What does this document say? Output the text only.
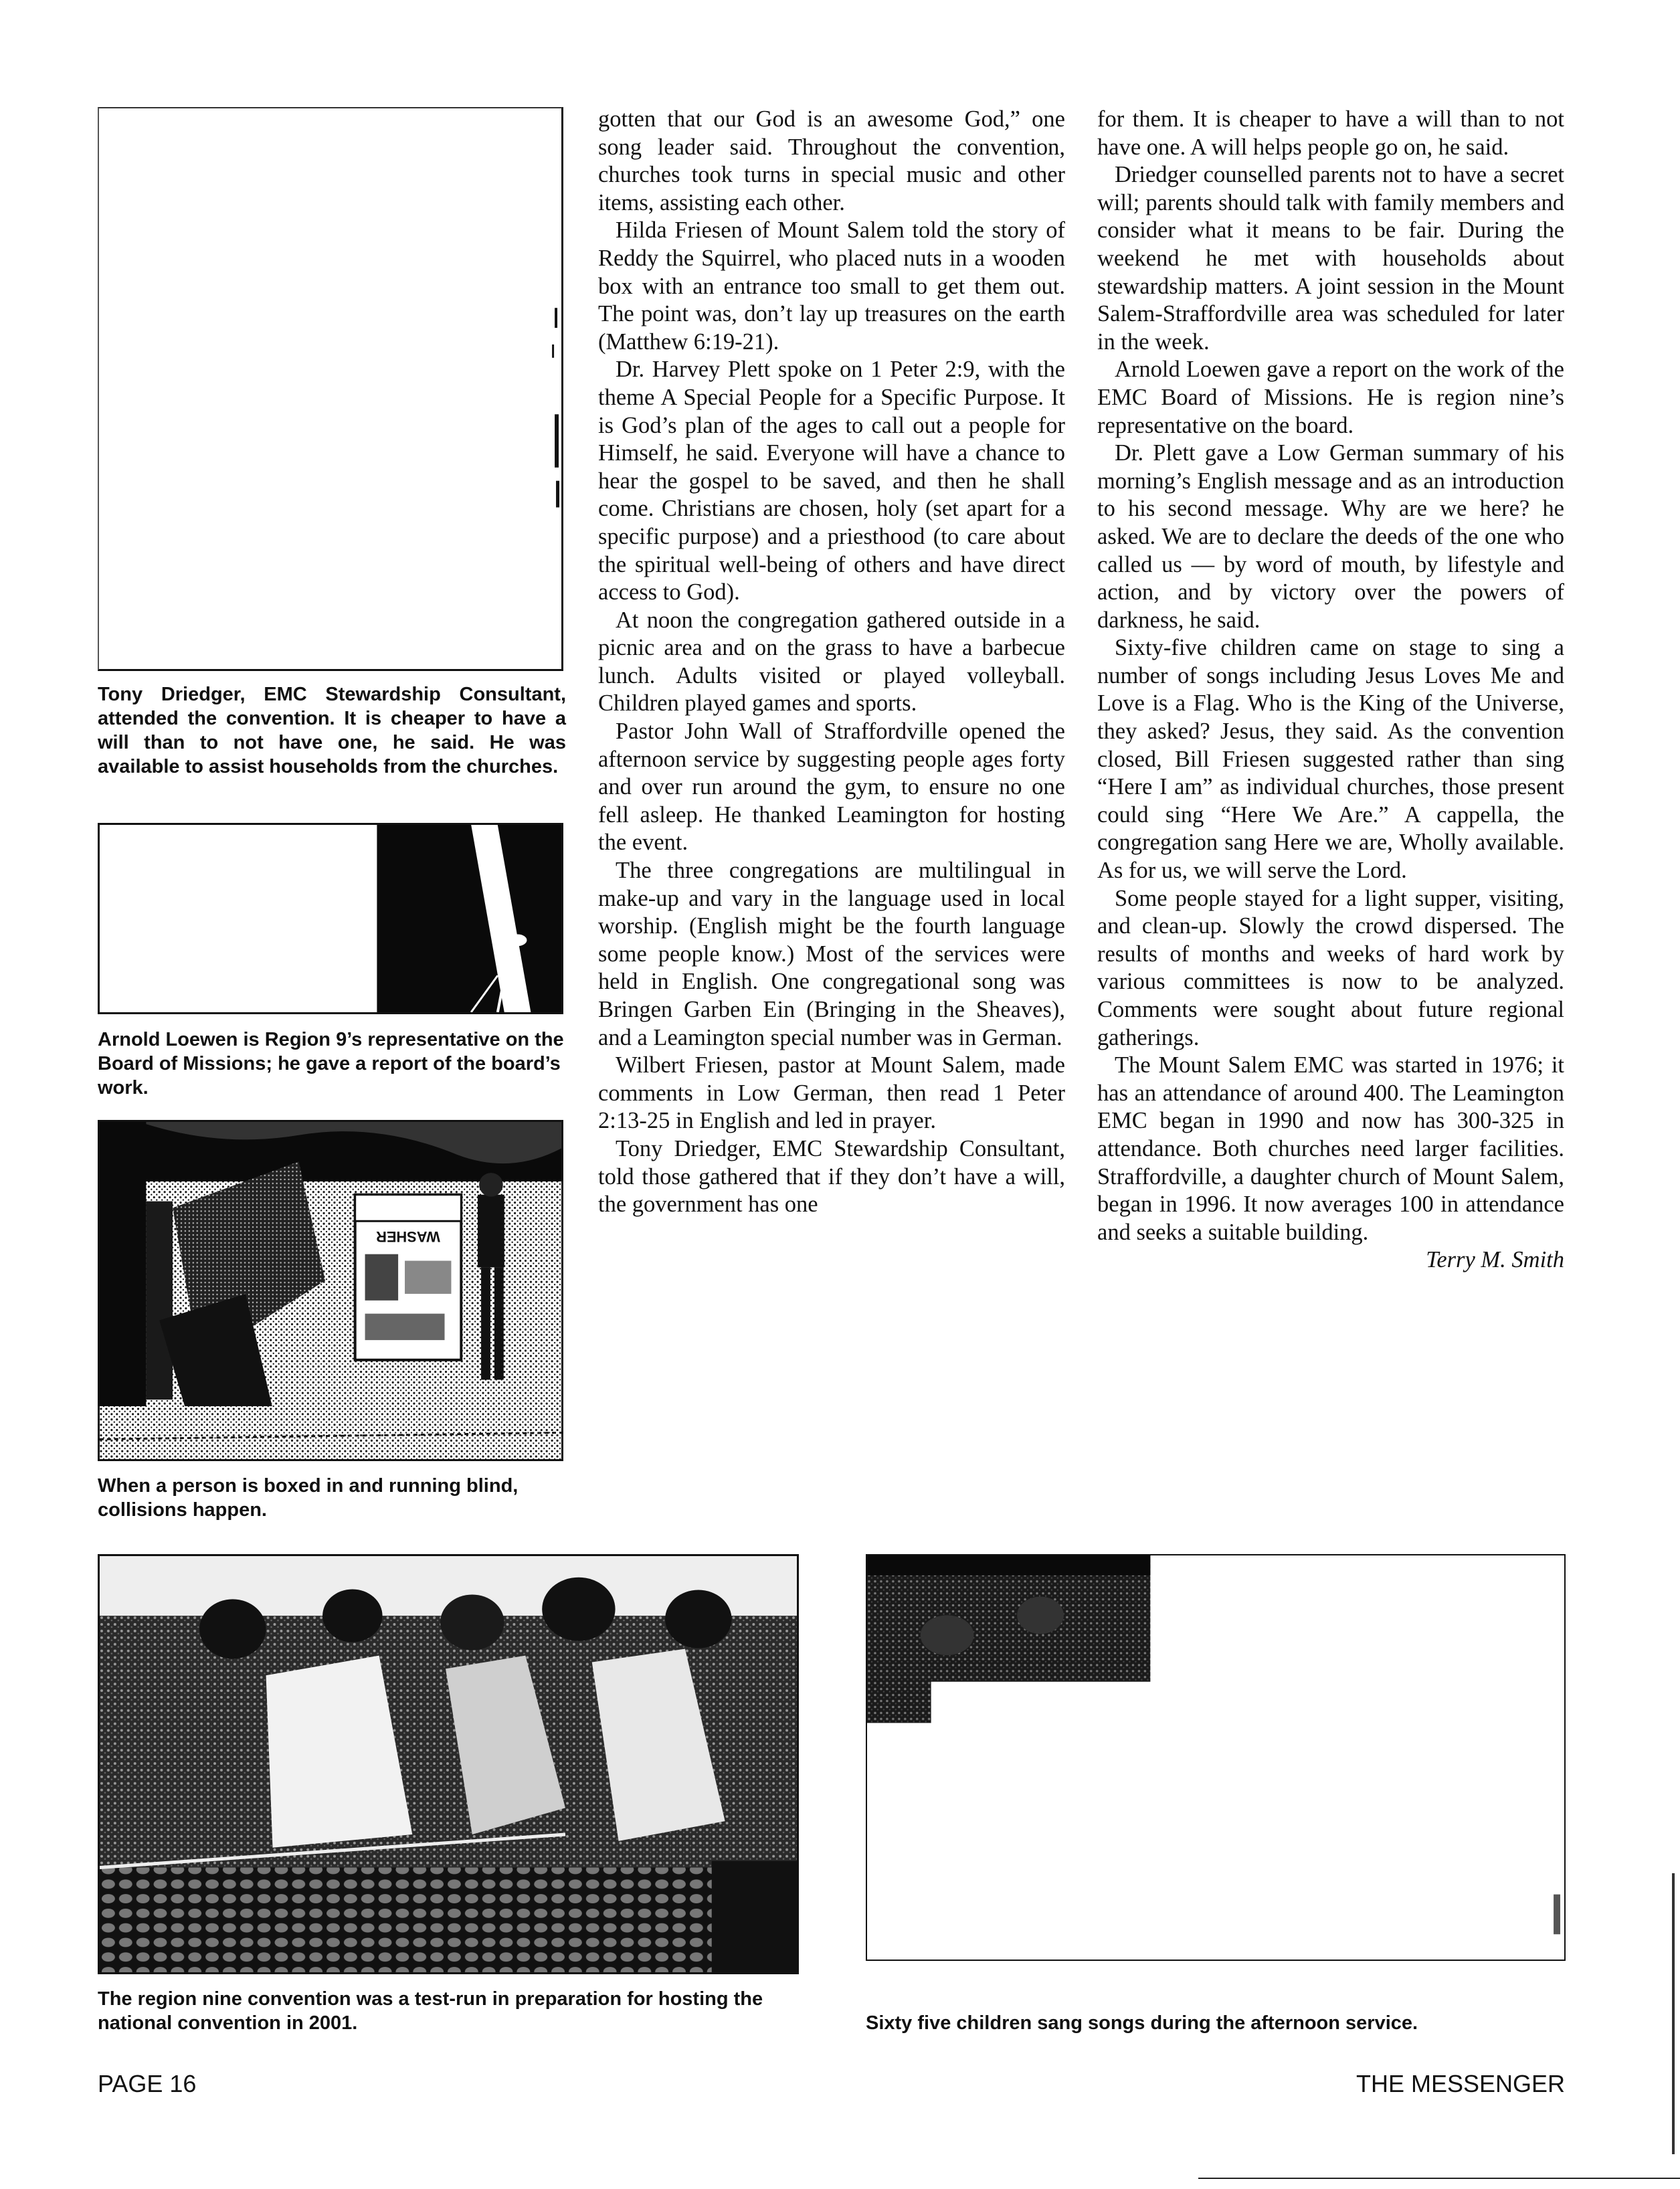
Tony Driedger, EMC Stewardship Consultant, attended the convention. It is cheaper to have a will than to not have one, he said. He was available to assist households from the churches.
Arnold Loewen is Region 9’s representative on the Board of Missions; he gave a report of the board’s work.
WASHER
When a person is boxed in and running blind, collisions happen.

gotten that our God is an awesome God,” one song leader said. Throughout the convention, churches took turns in special music and other items, assisting each other.

Hilda Friesen of Mount Salem told the story of Reddy the Squirrel, who placed nuts in a wooden box with an entrance too small to get them out. The point was, don’t lay up treasures on the earth (Matthew 6:19-21).

Dr. Harvey Plett spoke on 1 Peter 2:9, with the theme A Special People for a Specific Purpose. It is God’s plan of the ages to call out a people for Himself, he said. Everyone will have a chance to hear the gospel to be saved, and then he shall come. Christians are chosen, holy (set apart for a specific purpose) and a priesthood (to care about the spiritual well-being of others and have direct access to God).

At noon the congregation gathered outside in a picnic area and on the grass to have a barbecue lunch. Adults visited or played volleyball. Children played games and sports.

Pastor John Wall of Straffordville opened the afternoon service by suggesting people ages forty and over run around the gym, to ensure no one fell asleep. He thanked Leamington for hosting the event.

The three congregations are multilingual in make-up and vary in the language used in local worship. (English might be the fourth language some people know.) Most of the services were held in English. One congregational song was Bringen Garben Ein (Bringing in the Sheaves), and a Leamington special number was in German.

Wilbert Friesen, pastor at Mount Salem, made comments in Low German, then read 1 Peter 2:13-25 in English and led in prayer.

Tony Driedger, EMC Stewardship Consultant, told those gathered that if they don’t have a will, the government has one

for them. It is cheaper to have a will than to not have one. A will helps people go on, he said.

Driedger counselled parents not to have a secret will; parents should talk with family members and consider what it means to be fair. During the weekend he met with households about stewardship matters. A joint session in the Mount Salem-Straffordville area was scheduled for later in the week.

Arnold Loewen gave a report on the work of the EMC Board of Missions. He is region nine’s representative on the board.

Dr. Plett gave a Low German summary of his morning’s English message and as an introduction to his second message. Why are we here? he asked. We are to declare the deeds of the one who called us — by word of mouth, by lifestyle and action, and by victory over the powers of darkness, he said.

Sixty-five children came on stage to sing a number of songs including Jesus Loves Me and Love is a Flag. Who is the King of the Universe, they asked? Jesus, they said. As the convention closed, Bill Friesen suggested rather than sing “Here I am” as individual churches, those present could sing “Here We Are.” A cappella, the congregation sang Here we are, Wholly available. As for us, we will serve the Lord.

Some people stayed for a light supper, visiting, and clean-up. Slowly the crowd dispersed. The results of months and weeks of hard work by various committees is now to be analyzed. Comments were sought about future regional gatherings.

The Mount Salem EMC was started in 1976; it has an attendance of around 400. The Leamington EMC began in 1990 and now has 300-325 in attendance. Both churches need larger facilities. Straffordville, a daughter church of Mount Salem, began in 1996. It now averages 100 in attendance and seeks a suitable building.

Terry M. Smith

The region nine convention was a test-run in preparation for hosting the national convention in 2001.	Sixty five children sang songs during the afternoon service.
PAGE 16	THE MESSENGER
